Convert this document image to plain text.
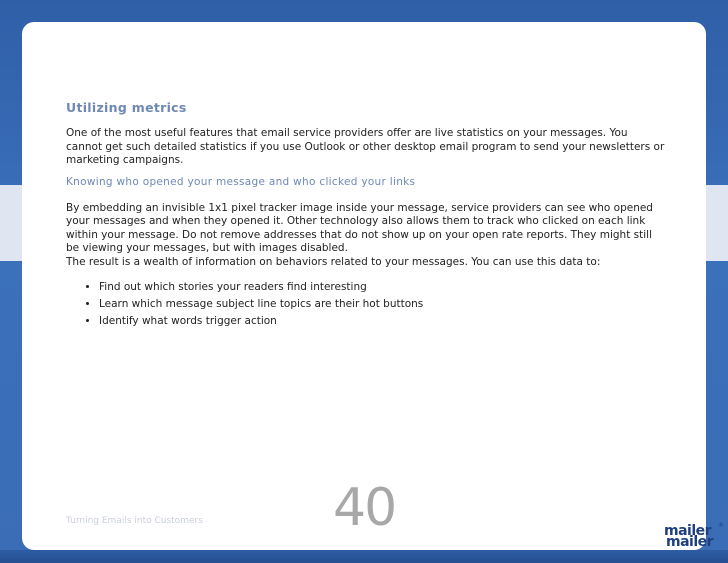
Utilizing metrics

One of the most useful features that email service providers offer are live statistics on your messages. You cannot get such detailed statistics if you use Outlook or other desktop email program to send your newsletters or marketing campaigns.

Knowing who opened your message and who clicked your links

By embedding an invisible 1x1 pixel tracker image inside your message, service providers can see who opened your messages and when they opened it. Other technology also allows them to track who clicked on each link within your message. Do not remove addresses that do not show up on your open rate reports. They might still be viewing your messages, but with images disabled.

The result is a wealth of information on behaviors related to your messages. You can use this data to:

• Find out which stories your readers find interesting
• Learn which message subject line topics are their hot buttons
• Identify what words trigger action
Turning Emails into Customers	40	mailer
mailer
®
